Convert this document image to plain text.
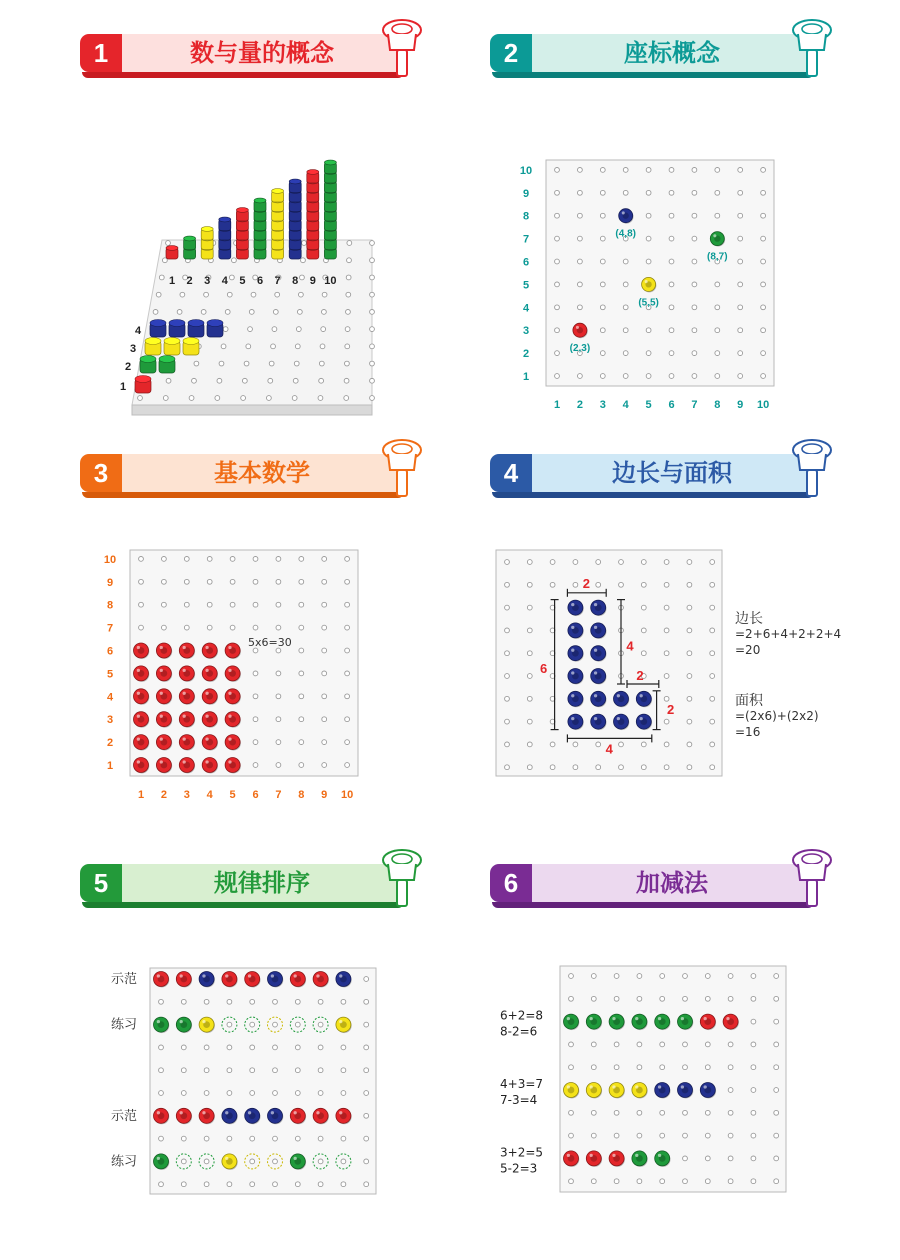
1	数与量的概念
1 2 3 4 5 6 7 8 9 10
4
3
2
1
2	座标概念
1 2 3 4 5 6 7 8 9 10
10
9
8
7
6
5
4
3
2
1
(4,8)
(8,7)
(5,5)
(2,3)
3	基本数学
1 2 3 4 5 6 7 8 9 10
10
9
8
7
6
5
4
3
2
1
5x6=30
4	边长与面积
2
4
6	2
2
4
边长
=2+6+4+2+2+4
=20
面积
=(2x6)+(2x2)
=16
5	规律排序
示范
练习
示范
练习
6	加减法
6+2=8
8-2=6
4+3=7
7-3=4
3+2=5
5-2=3
